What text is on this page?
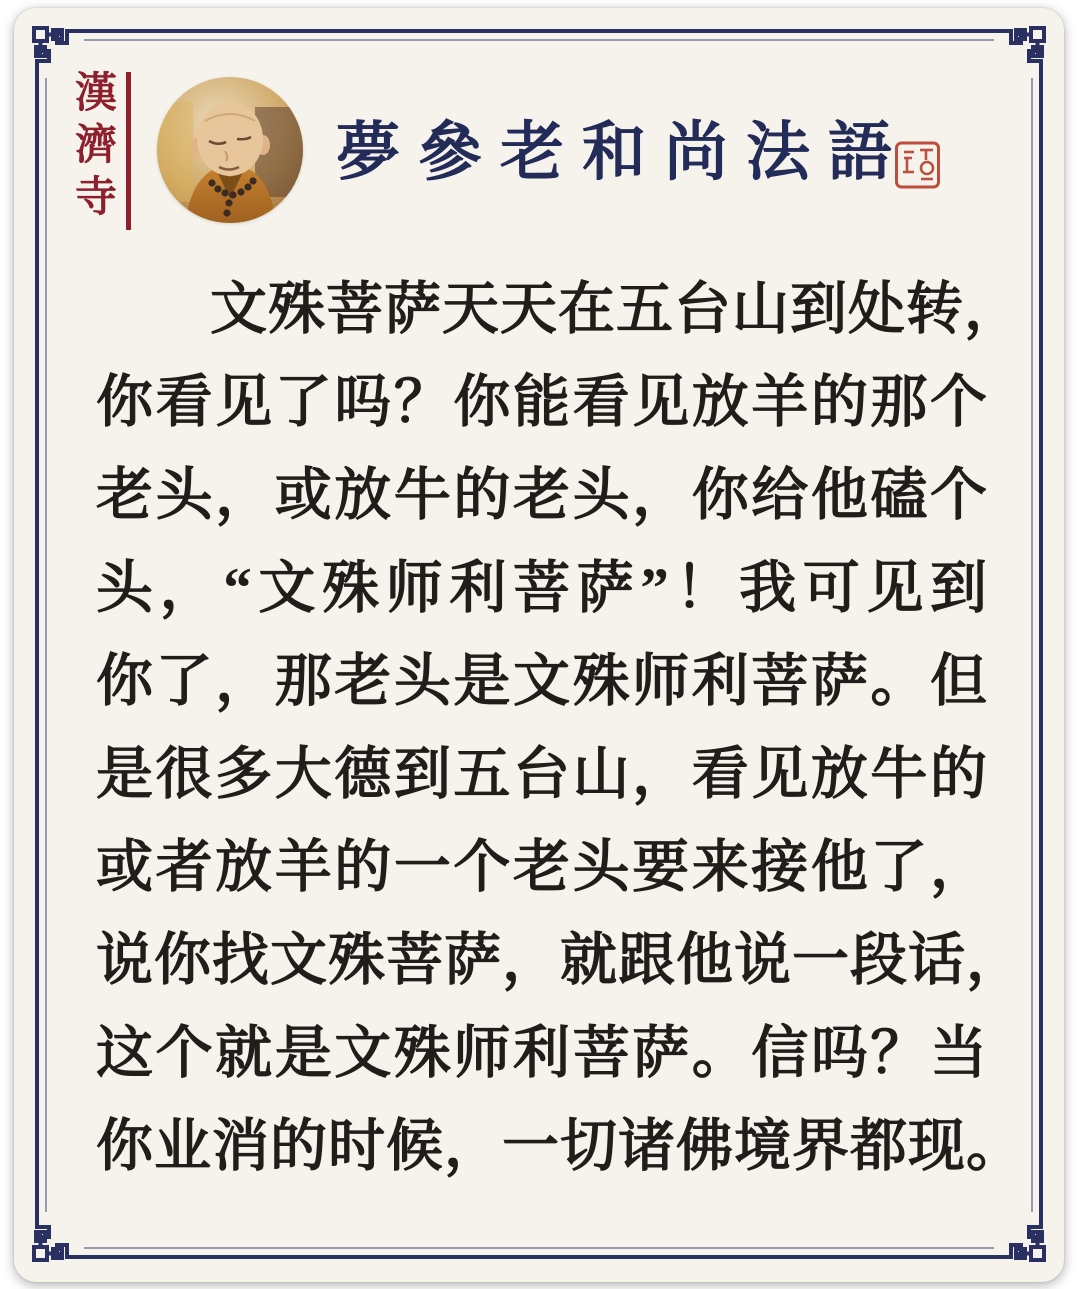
漢濟寺	夢參老和尚法語
文殊菩萨天天在五台山到处转，
你看见了吗？你能看见放羊的那个
老头，或放牛的老头，你给他磕个
头，“文殊师利菩萨”！我可见到
你了，那老头是文殊师利菩萨。但
是很多大德到五台山，看见放牛的
或者放羊的一个老头要来接他了，
说你找文殊菩萨，就跟他说一段话，
这个就是文殊师利菩萨。信吗？当
你业消的时候，一切诸佛境界都现。
